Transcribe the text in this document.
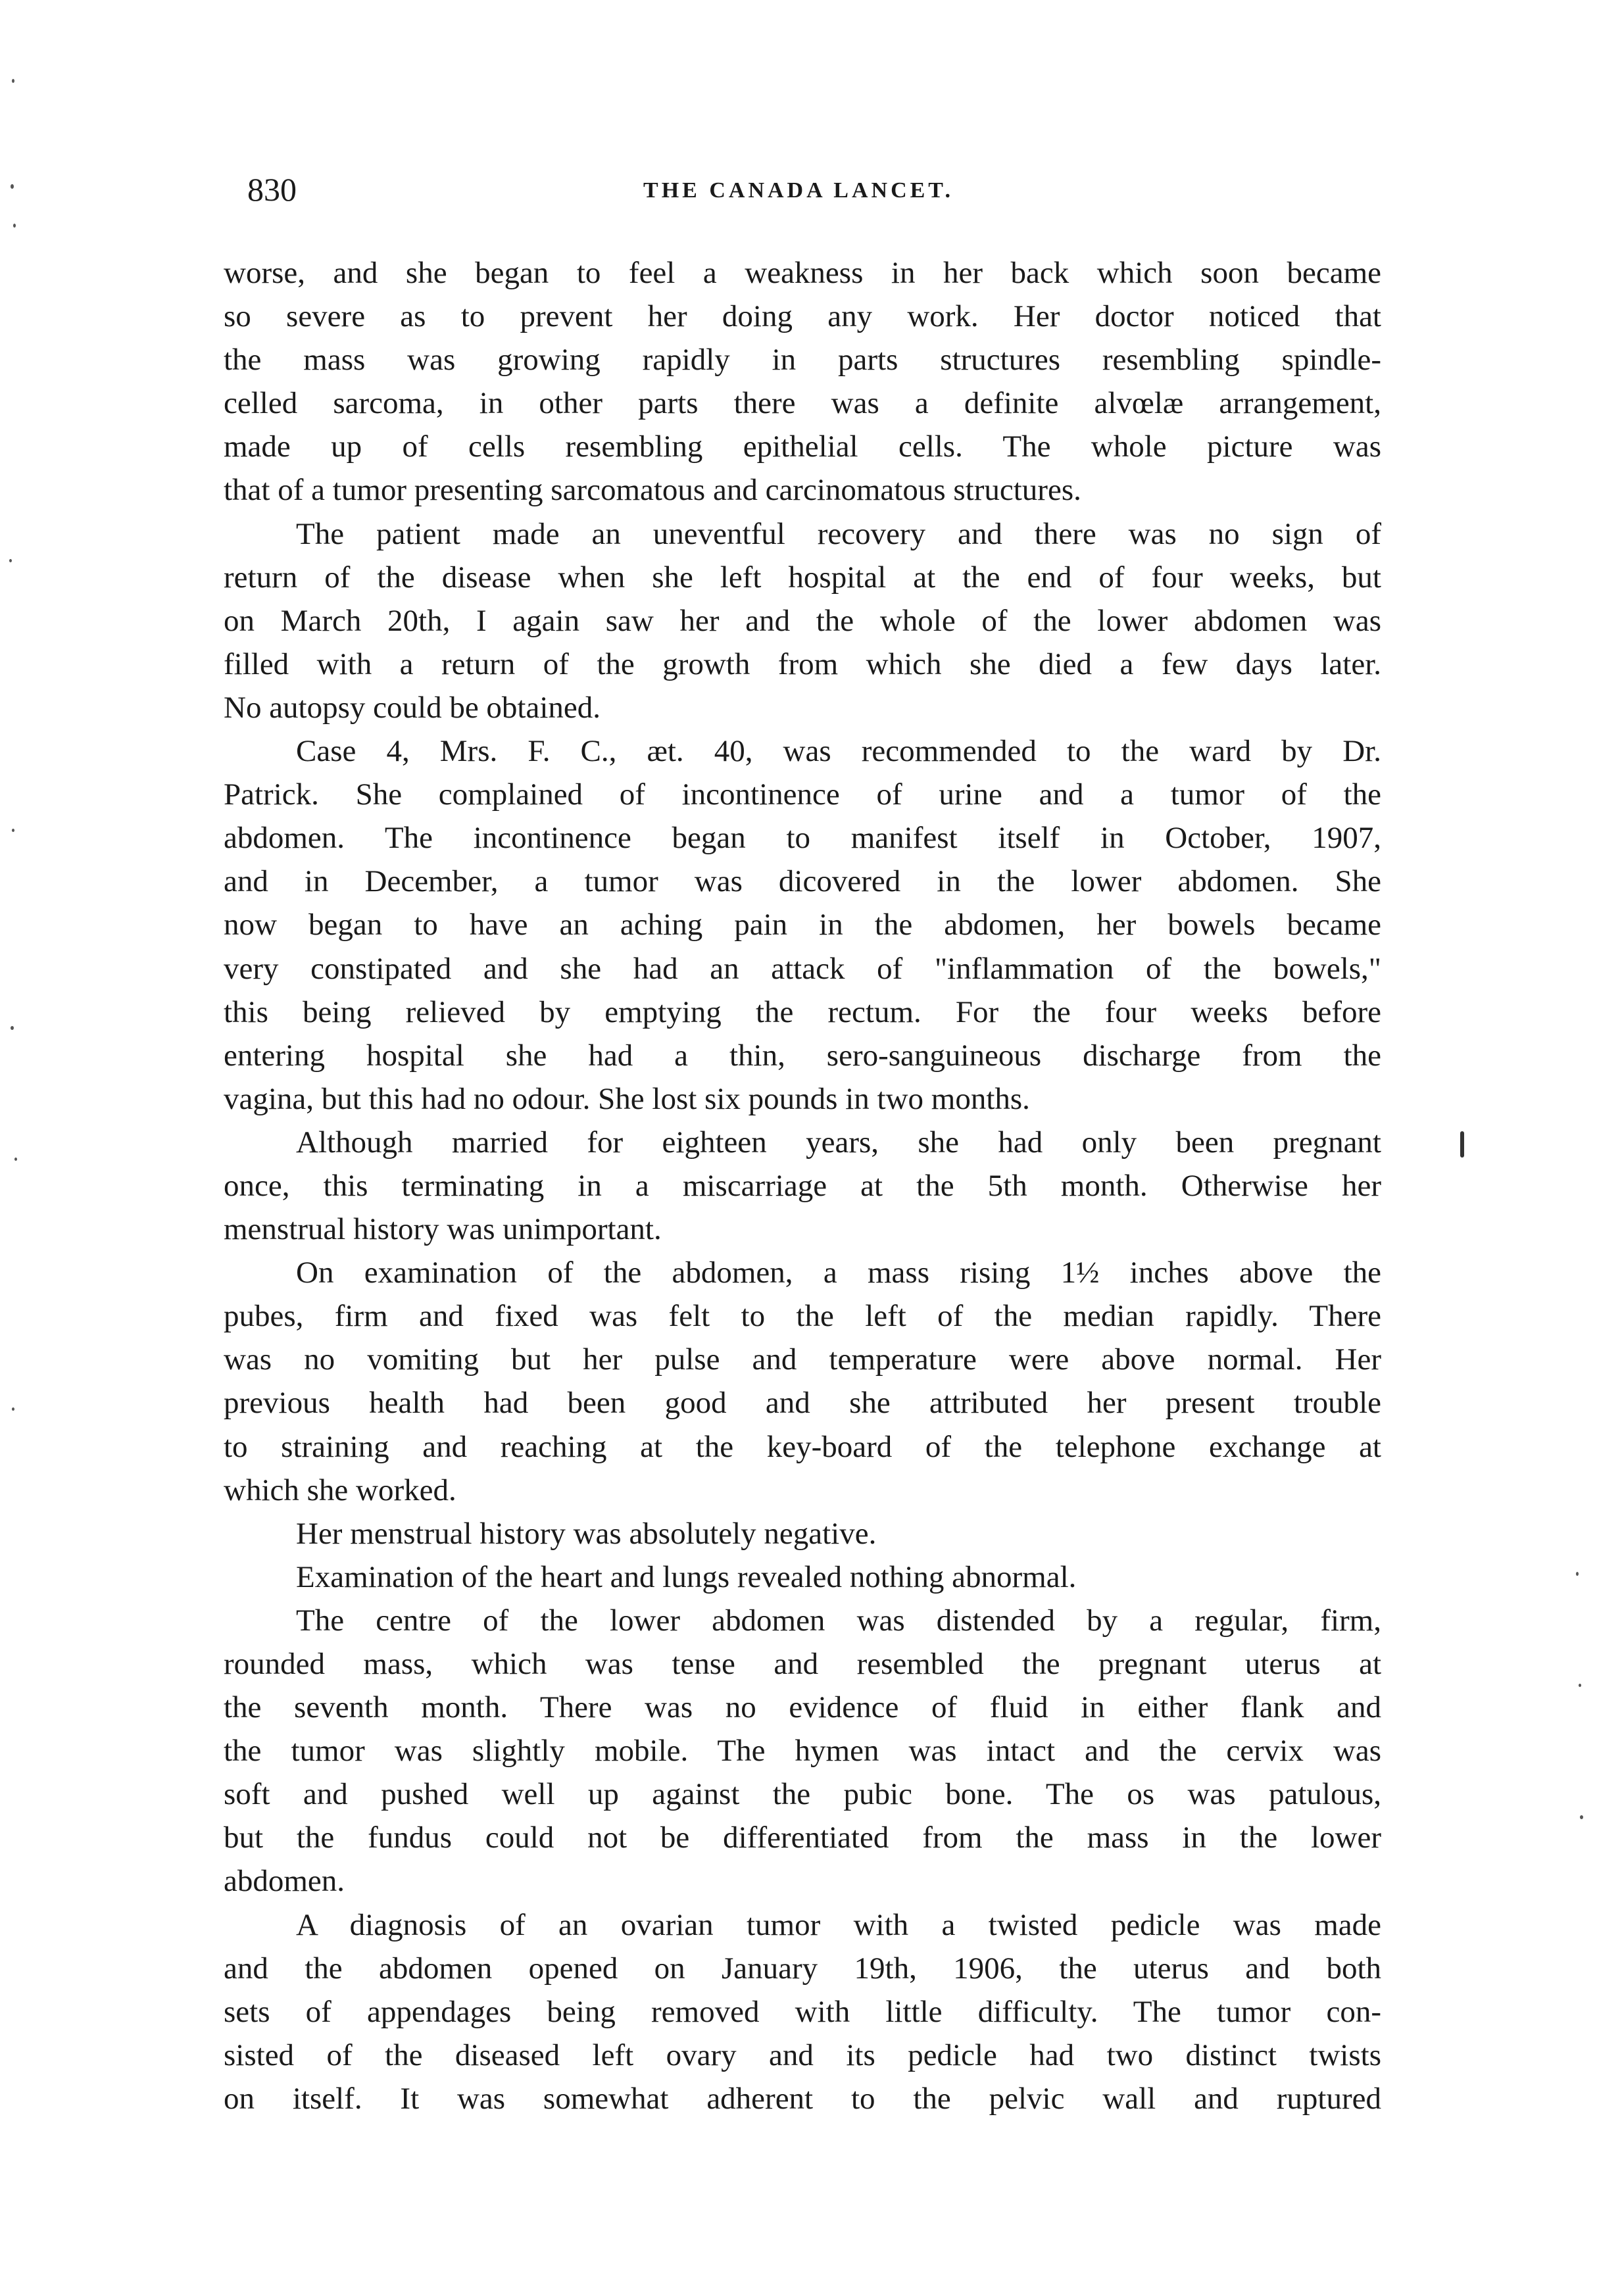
830	THE CANADA LANCET.
worse, and she began to feel a weakness in her back which soon became
so severe as to prevent her doing any work. Her doctor noticed that
the mass was growing rapidly in parts structures resembling spindle-
celled sarcoma, in other parts there was a definite alvœlæ arrangement,
made up of cells resembling epithelial cells. The whole picture was
that of a tumor presenting sarcomatous and carcinomatous structures.
The patient made an uneventful recovery and there was no sign of
return of the disease when she left hospital at the end of four weeks, but
on March 20th, I again saw her and the whole of the lower abdomen was
filled with a return of the growth from which she died a few days later.
No autopsy could be obtained.
Case 4, Mrs. F. C., æt. 40, was recommended to the ward by Dr.
Patrick. She complained of incontinence of urine and a tumor of the
abdomen. The incontinence began to manifest itself in October, 1907,
and in December, a tumor was dicovered in the lower abdomen. She
now began to have an aching pain in the abdomen, her bowels became
very constipated and she had an attack of "inflammation of the bowels,"
this being relieved by emptying the rectum. For the four weeks before
entering hospital she had a thin, sero-sanguineous discharge from the
vagina, but this had no odour. She lost six pounds in two months.
Although married for eighteen years, she had only been pregnant
once, this terminating in a miscarriage at the 5th month. Otherwise her
menstrual history was unimportant.
On examination of the abdomen, a mass rising 1½ inches above the
pubes, firm and fixed was felt to the left of the median rapidly. There
was no vomiting but her pulse and temperature were above normal. Her
previous health had been good and she attributed her present trouble
to straining and reaching at the key-board of the telephone exchange at
which she worked.
Her menstrual history was absolutely negative.
Examination of the heart and lungs revealed nothing abnormal.
The centre of the lower abdomen was distended by a regular, firm,
rounded mass, which was tense and resembled the pregnant uterus at
the seventh month. There was no evidence of fluid in either flank and
the tumor was slightly mobile. The hymen was intact and the cervix was
soft and pushed well up against the pubic bone. The os was patulous,
but the fundus could not be differentiated from the mass in the lower
abdomen.
A diagnosis of an ovarian tumor with a twisted pedicle was made
and the abdomen opened on January 19th, 1906, the uterus and both
sets of appendages being removed with little difficulty. The tumor con-
sisted of the diseased left ovary and its pedicle had two distinct twists
on itself. It was somewhat adherent to the pelvic wall and ruptured
